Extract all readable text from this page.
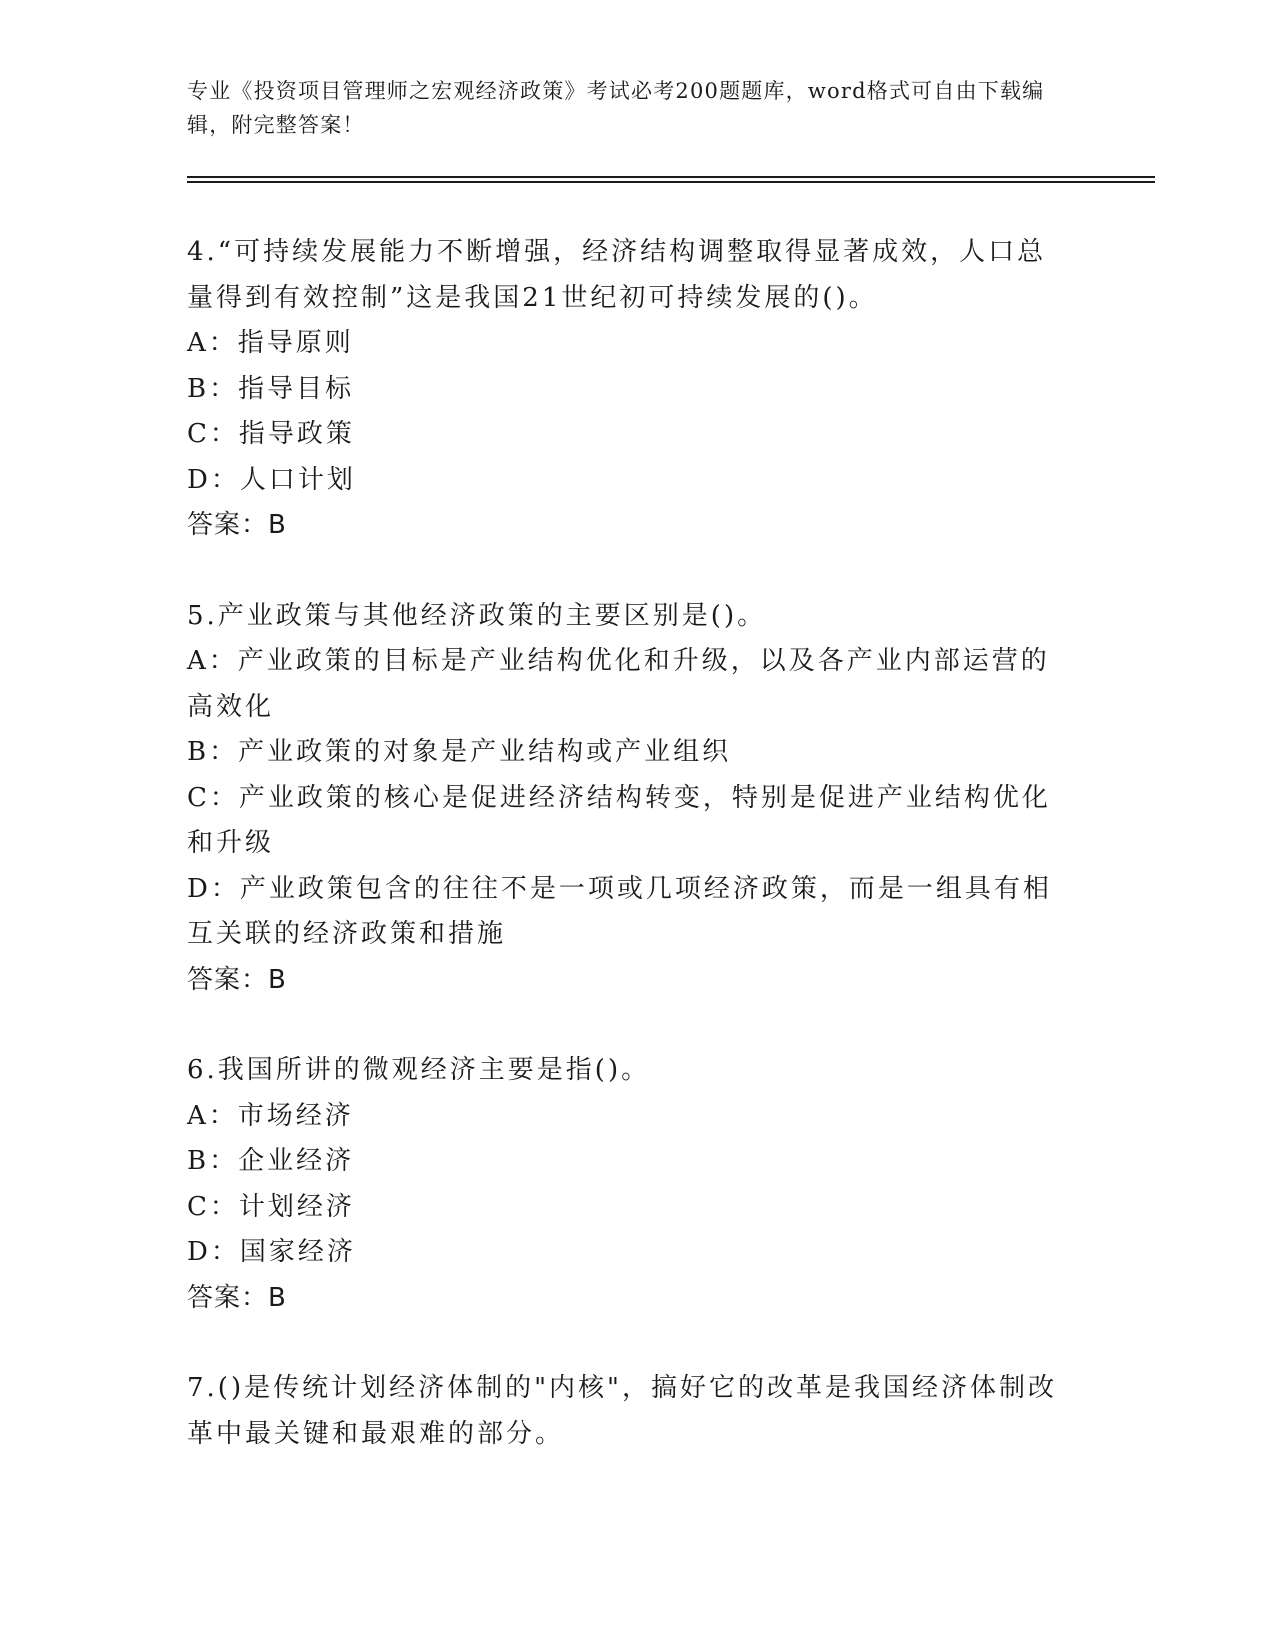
专业《投资项目管理师之宏观经济政策》考试必考200题题库，word格式可自由下载编辑，附完整答案！

4.“可持续发展能力不断增强，经济结构调整取得显著成效，人口总量得到有效控制”这是我国21世纪初可持续发展的()。

A：指导原则

B：指导目标

C：指导政策

D：人口计划

答案：B

5.产业政策与其他经济政策的主要区别是()。

A：产业政策的目标是产业结构优化和升级，以及各产业内部运营的高效化

B：产业政策的对象是产业结构或产业组织

C：产业政策的核心是促进经济结构转变，特别是促进产业结构优化和升级

D：产业政策包含的往往不是一项或几项经济政策，而是一组具有相互关联的经济政策和措施

答案：B

6.我国所讲的微观经济主要是指()。

A：市场经济

B：企业经济

C：计划经济

D：国家经济

答案：B

7.()是传统计划经济体制的"内核"，搞好它的改革是我国经济体制改革中最关键和最艰难的部分。
